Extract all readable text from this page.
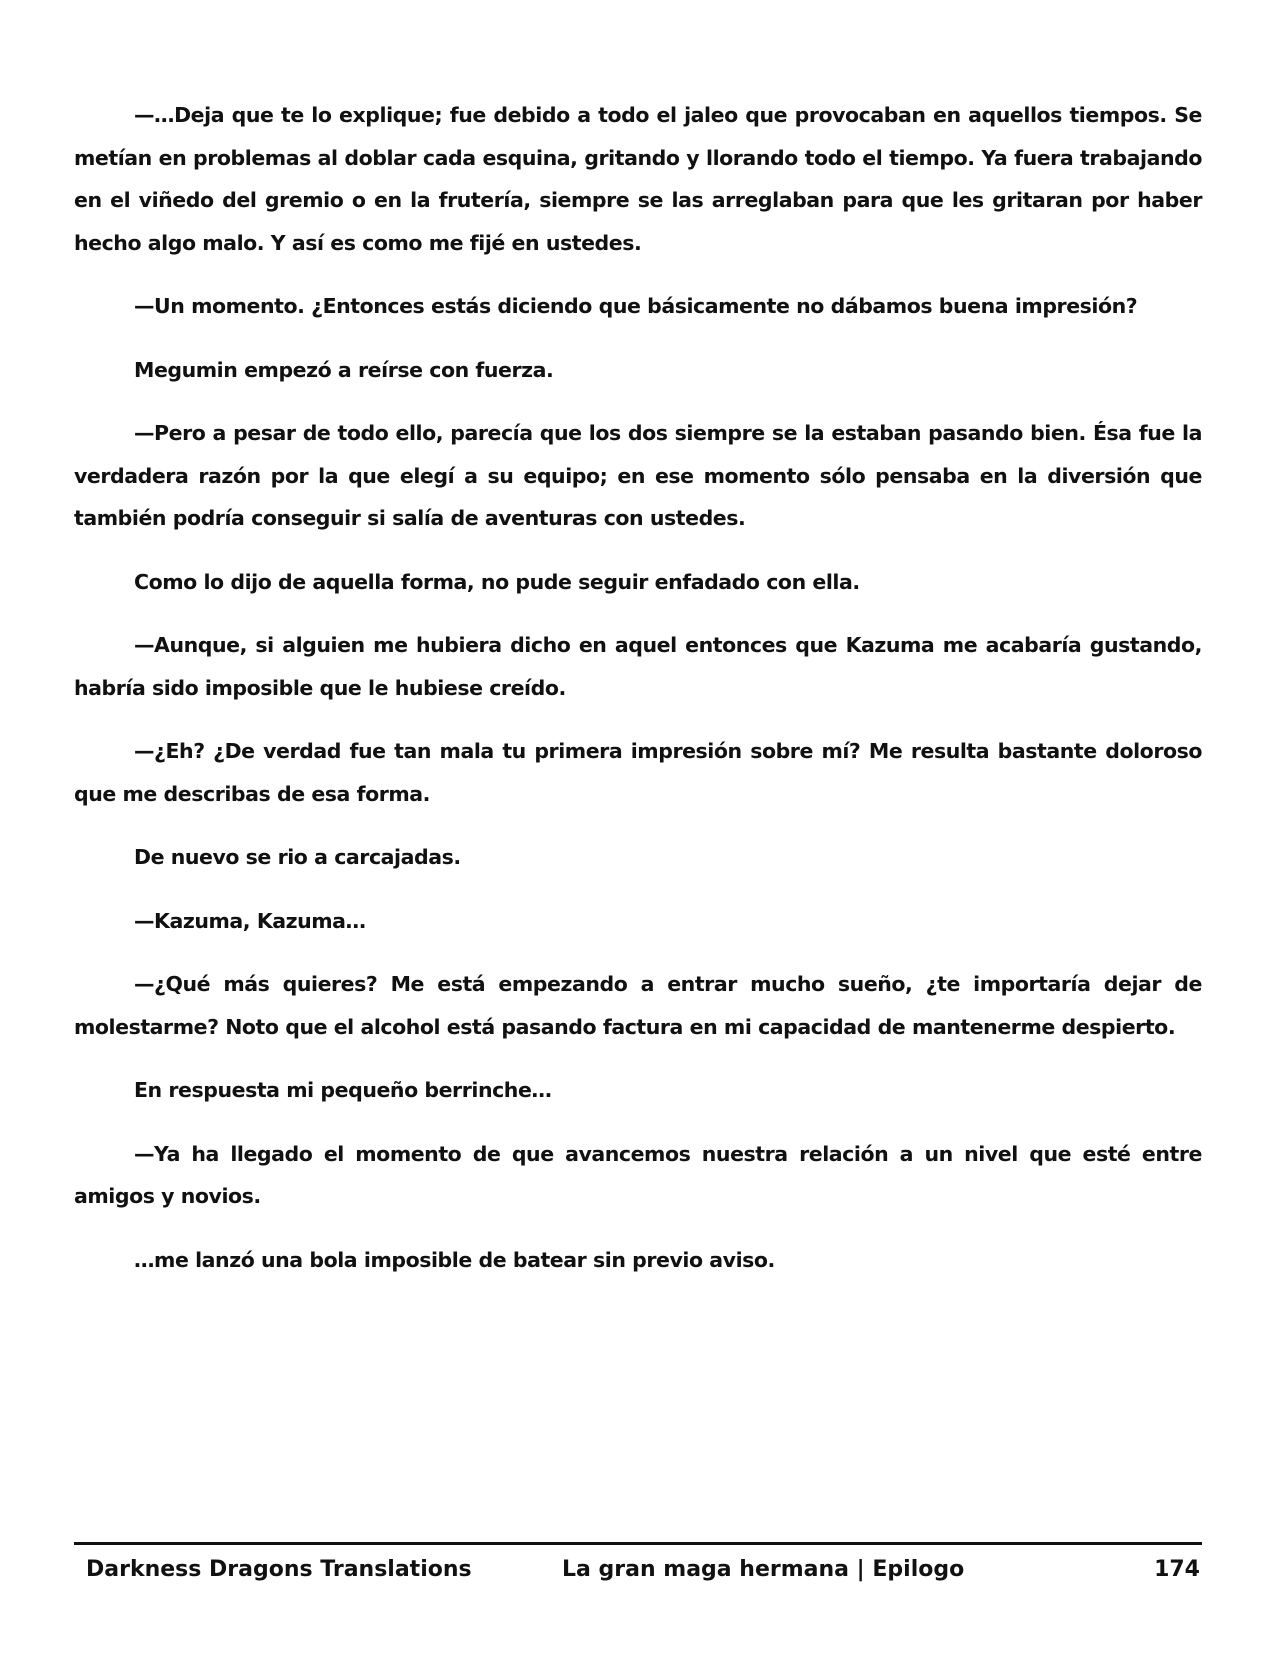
—…Deja que te lo explique; fue debido a todo el jaleo que provocaban en aquellos tiempos. Se metían en problemas al doblar cada esquina, gritando y llorando todo el tiempo. Ya fuera trabajando en el viñedo del gremio o en la frutería, siempre se las arreglaban para que les gritaran por haber hecho algo malo. Y así es como me fijé en ustedes.

—Un momento. ¿Entonces estás diciendo que básicamente no dábamos buena impresión?

Megumin empezó a reírse con fuerza.

—Pero a pesar de todo ello, parecía que los dos siempre se la estaban pasando bien. Ésa fue la verdadera razón por la que elegí a su equipo; en ese momento sólo pensaba en la diversión que también podría conseguir si salía de aventuras con ustedes.

Como lo dijo de aquella forma, no pude seguir enfadado con ella.

—Aunque, si alguien me hubiera dicho en aquel entonces que Kazuma me acabaría gustando, habría sido imposible que le hubiese creído.

—¿Eh? ¿De verdad fue tan mala tu primera impresión sobre mí? Me resulta bastante doloroso que me describas de esa forma.

De nuevo se rio a carcajadas.

—Kazuma, Kazuma…

—¿Qué más quieres? Me está empezando a entrar mucho sueño, ¿te importaría dejar de molestarme? Noto que el alcohol está pasando factura en mi capacidad de mantenerme despierto.

En respuesta mi pequeño berrinche…

—Ya ha llegado el momento de que avancemos nuestra relación a un nivel que esté entre amigos y novios.

…me lanzó una bola imposible de batear sin previo aviso.

Darkness Dragons Translations	La gran maga hermana | Epilogo	174
